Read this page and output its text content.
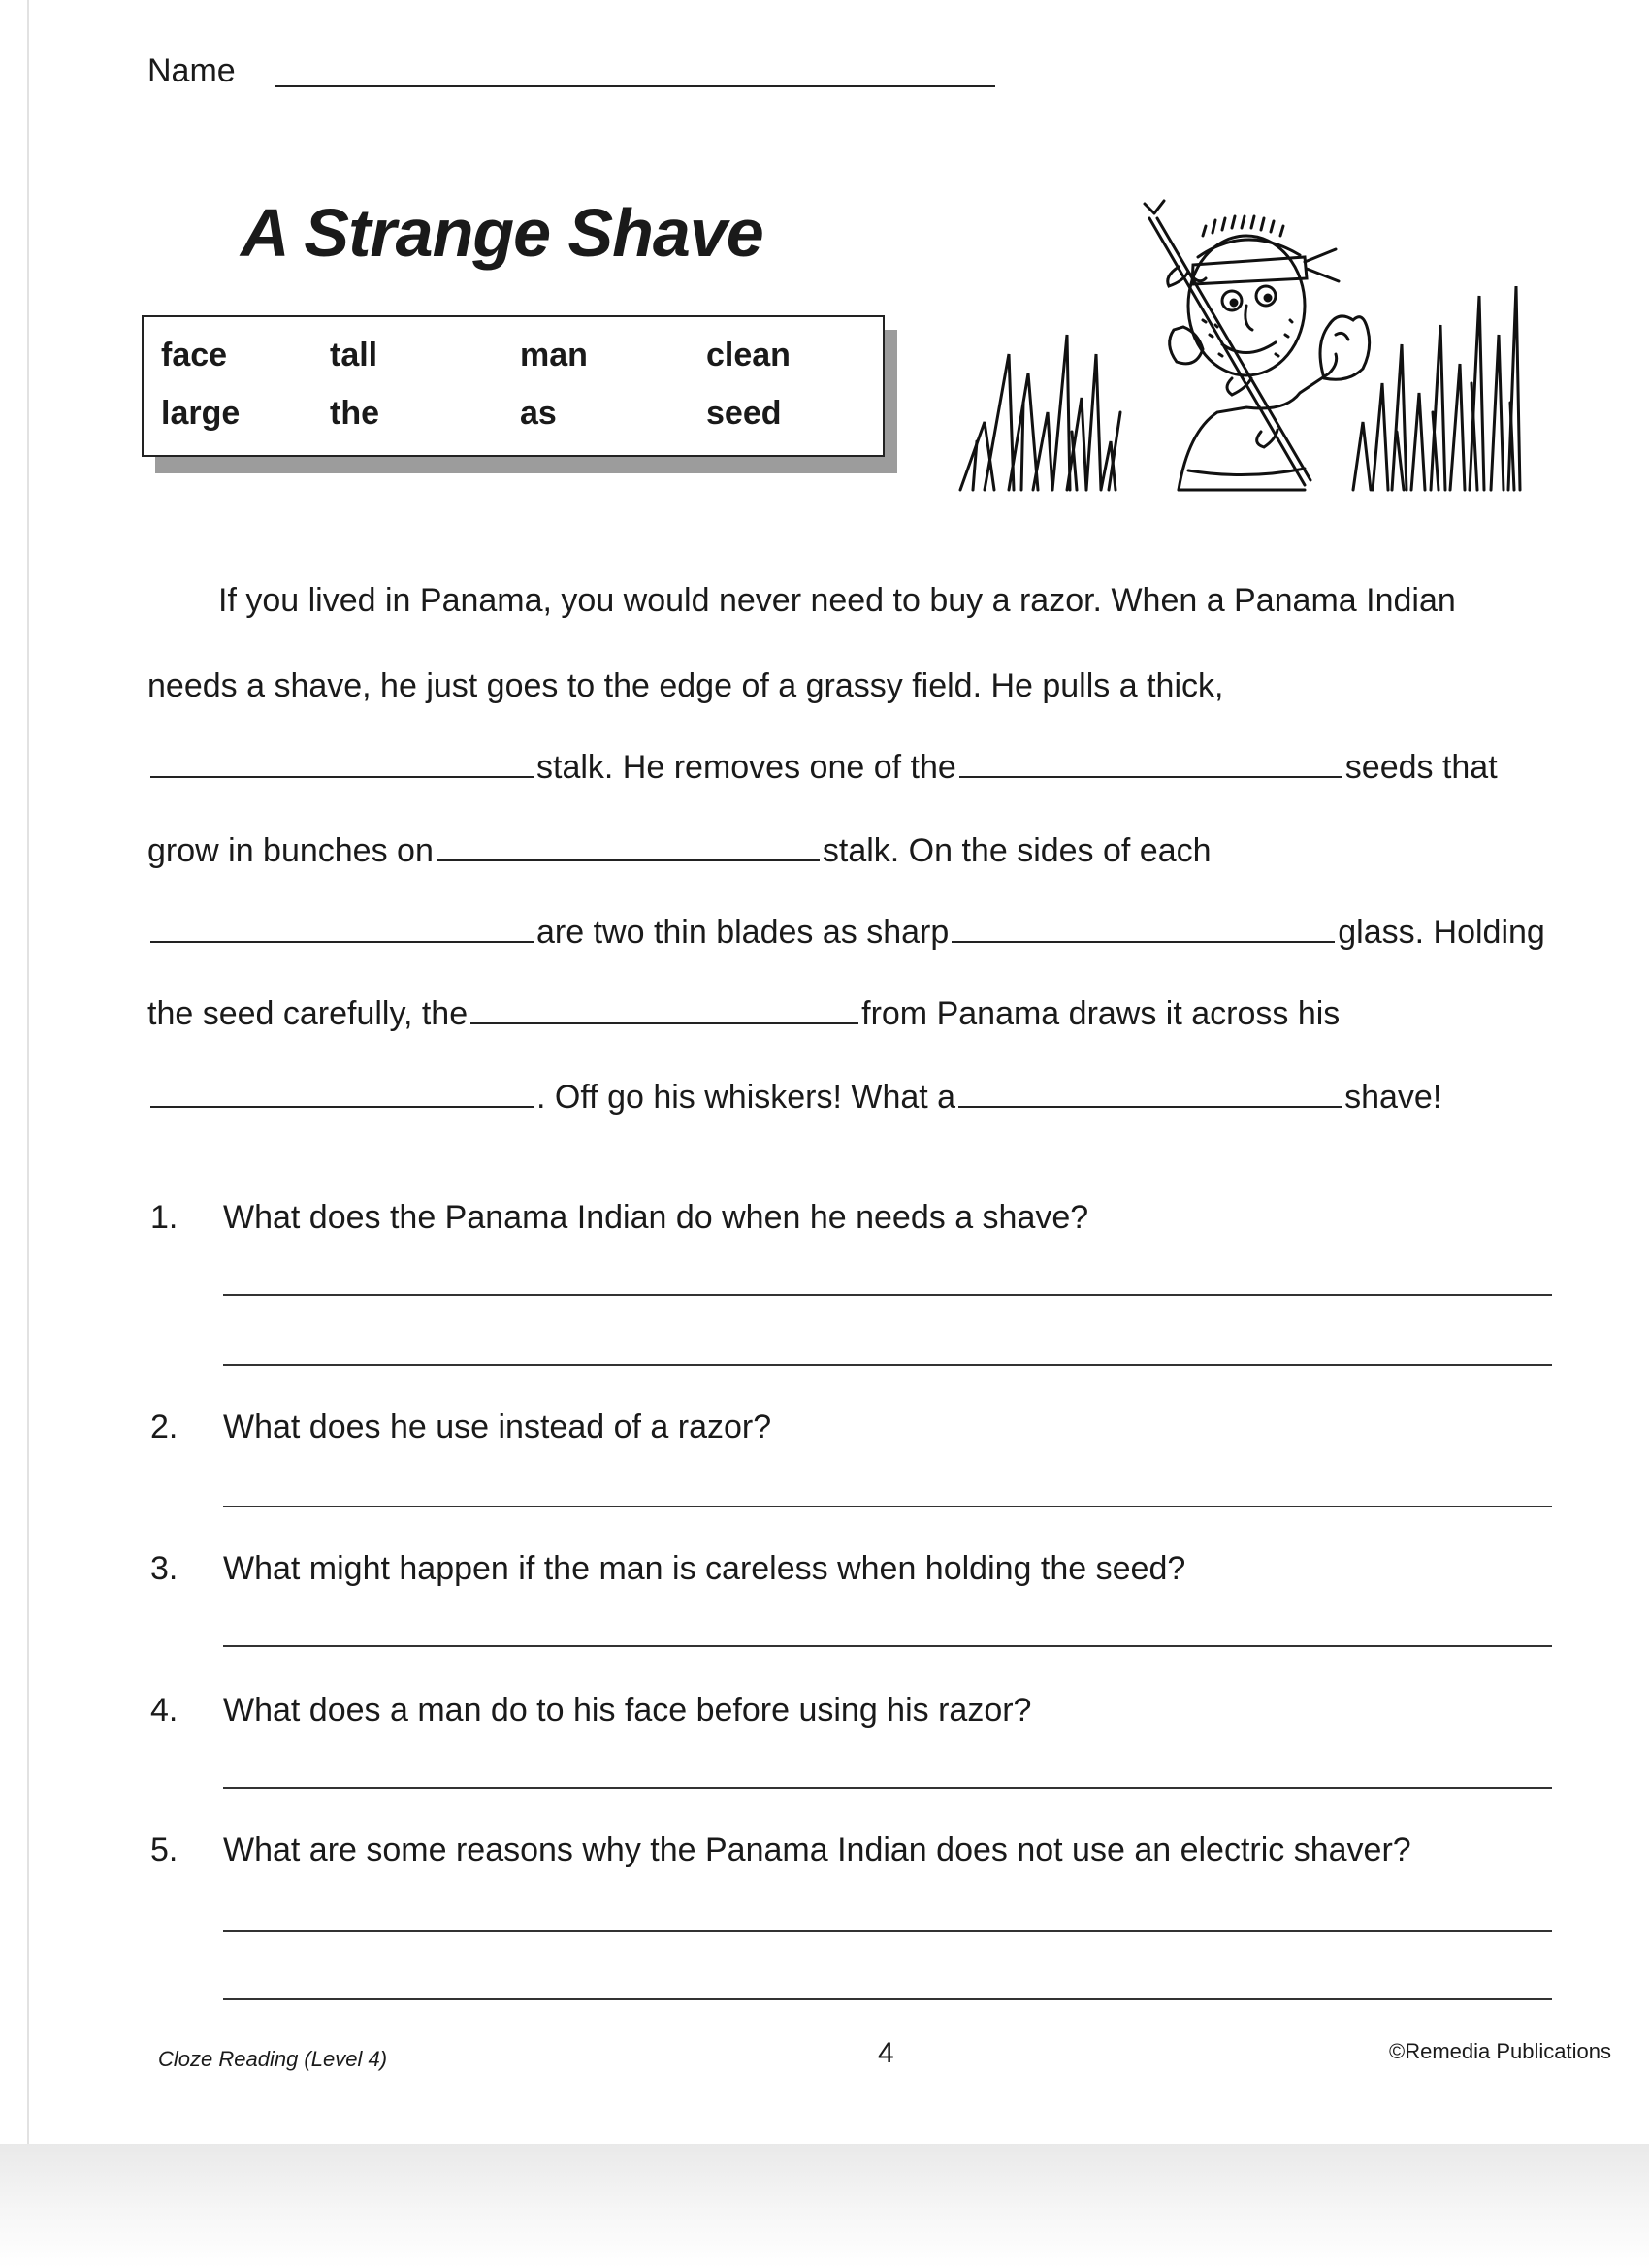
Name
A Strange Shave
face	tall	man	clean
large	the	as	seed
If you lived in Panama, you would never need to buy a razor. When a Panama Indian
needs a shave, he just goes to the edge of a grassy field. He pulls a thick,
stalk. He removes one of the	seeds that
grow in bunches on	stalk. On the sides of each
are two thin blades as sharp	glass. Holding
the seed carefully, the	from Panama draws it across his
. Off go his whiskers! What a	shave!
1. What does the Panama Indian do when he needs a shave?
2. What does he use instead of a razor?
3. What might happen if the man is careless when holding the seed?
4. What does a man do to his face before using his razor?
5. What are some reasons why the Panama Indian does not use an electric shaver?
Cloze Reading (Level 4)	4	©Remedia Publications
